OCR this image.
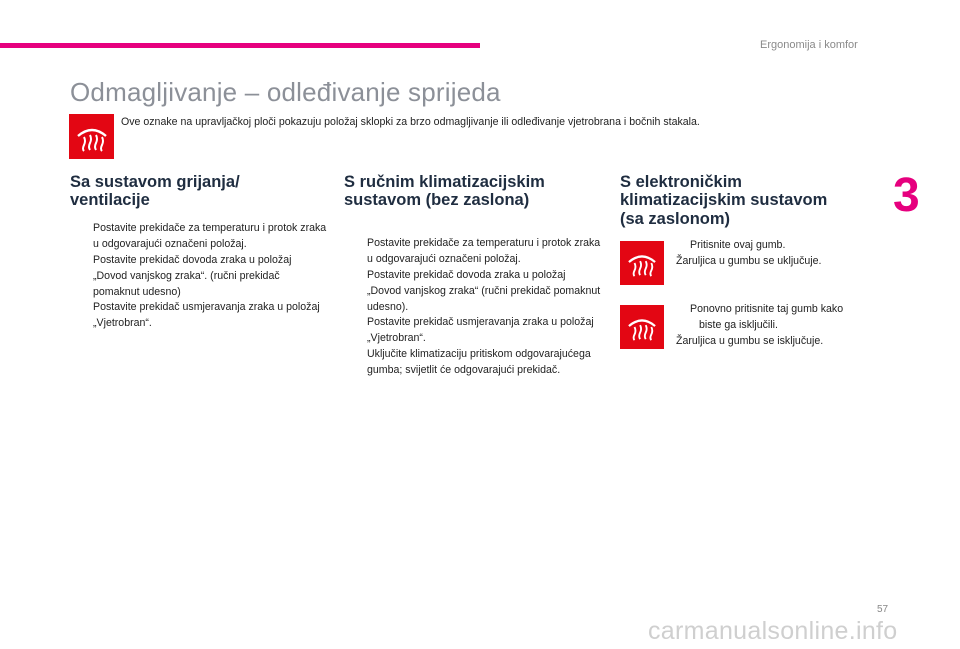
Ergonomija i komfor
3
Odmagljivanje – odleđivanje sprijeda
Ove oznake na upravljačkoj ploči pokazuju položaj sklopki za brzo odmagljivanje ili odleđivanje vjetrobrana i bočnih stakala.
Sa sustavom grijanja/
ventilacije
Postavite prekidače za temperaturu i protok zraka u odgovarajući označeni položaj.
Postavite prekidač dovoda zraka u položaj „Dovod vanjskog zraka“. (ručni prekidač pomaknut udesno)
Postavite prekidač usmjeravanja zraka u položaj „Vjetrobran“.
S ručnim klimatizacijskim
sustavom (bez zaslona)
Postavite prekidače za temperaturu i protok zraka u odgovarajući označeni položaj.
Postavite prekidač dovoda zraka u položaj „Dovod vanjskog zraka“ (ručni prekidač pomaknut udesno).
Postavite prekidač usmjeravanja zraka u položaj „Vjetrobran“.
Uključite klimatizaciju pritiskom odgovarajućega gumba; svijetlit će odgovarajući prekidač.
S elektroničkim
klimatizacijskim sustavom
(sa zaslonom)
Pritisnite ovaj gumb.
Žaruljica u gumbu se uključuje.
Ponovno pritisnite taj gumb kako
biste ga isključili.
Žaruljica u gumbu se isključuje.
57
carmanualsonline.info
